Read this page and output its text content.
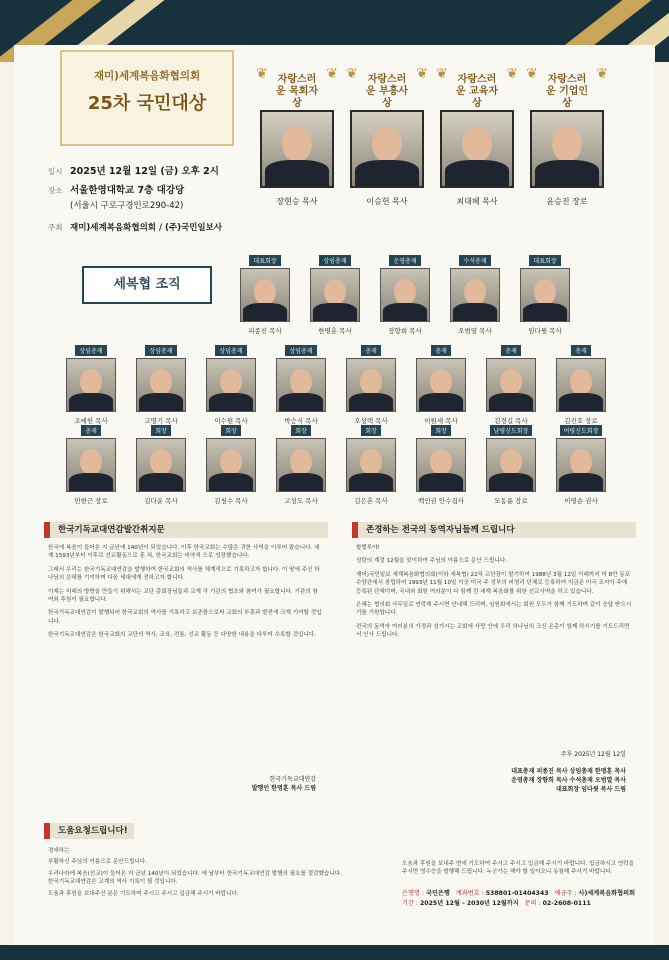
재미)세계복음화협의회
25차 국민대상
일시 2025년 12월 12일 (금) 오후 2시
장소 서울한영대학교 7층 대강당
(서울시 구로구경인로290-42)
주최 재미)세계복음화협의회 / (주)국민일보사
❦ 자랑스러운 목회자상
❦
장현승 목사
❦ 자랑스러운 부흥사상
❦
이승헌 목사
❦ 자랑스러운 교육자상
❦
최대혜 목사
❦ 자랑스러운 기업인상
❦
윤승진 장로
세복협 조직
대표회장
피종진 목사
상임총재
한명훈 목사
운영총재
장향희 목사
수석총재
오범열 목사
대표회장
임다윗 목사
상임총재
조에헌 목사
상임총재
고명기 목사
상임총재
이수원 목사
상임총재
박승식 목사
총재
오성택 목사
총재
이원세 목사
총재
김경길 목사
총재
김진호 장로
총재
민현근 장로
회장
김다운 목사
회장
김청수 목사
회장
고성도 목사
회장
김은혼 목사
회장
백인권 안수집사
남평신도회장
모동륜 장로
여평신도회장
이영순 권사
한국기독교대연감발간취지문

한국에 복음이 들어온 지 금년에 140년이 되었습니다. 이후 한국교회는 수많은 귀한 사역을 이루어 왔습니다. 세계 1593년부터 이후로 선교활동으로 훈 쳐, 한국교회는 비약적 으로 성장했습니다.

그래서 우리는 한국기독교대연감을 발행하여 한국교회의 역사를 체계적으로 기록하고자 합니다. 이 땅에 주신 하나님의 은혜를 기억하며 다음 세대에게 전하고자 합니다.

이제는 미래의 방향을 만들기 위해서는 교단 총회장님들과 교계 각 기관의 협조와 참여가 필요합니다. 기관의 참여와 후원이 필요합니다.

한국기독교대연감이 발행되어 한국교회의 역사를 기록하고 보존함으로써 교회의 부흥과 발전에 크게 기여할 것입니다.

한국기독교대연감은 한국교회의 교단의 역사, 교육, 전통, 선교 활동 등 다양한 내용을 다루어 수록할 것입니다.

한국기독교대연감
발행인 한명훈 목사 드림
존경하는 전국의 동역자님들께 드립니다

할렐루야!

성탄의 계절 12월을 맞이하여 주님의 이름으로 문안 드립니다.

재미)국민일보 세계복음화협의회(이하 세복협) 22차 교단장이 발기하여 1988년 3월 12일 이래까지 미 8만 동포 수양관에서 창립하여 1993년 11월 10일 이곳 미국 주 정부의 비영리 단체로 등록하여 지금은 미국 조지아 주에 등록된 단체이며, 국내외 회원 여러분이 다 함께 전 세계 복음화를 위한 선교사역을 하고 있습니다.

은혜는 협의회 사무실로 연락해 주시면 안내해 드리며, 임원회에서는 회원 모두가 함께 기도하며 같이 응답 받으시기를 기원합니다.

전국의 동역자 여러분의 가정과 섬기시는 교회에 사랑 안에 우리 하나님의 크신 은총이 함께 하시기를 기도드리면서 인사 드립니다.

주후 2025년 12월 12일
대표총재 피종진 목사 상임총재 한명훈 목사
운영총재 장향희 목사 수석총재 오범열 목사
대표회장 임다윗 목사 드림
도움요청드립니다!

경애하는

부활하신 주님의 이름으로 문안드립니다.

우리나라에 복음(선교)이 들어온 지 금년 140년이 되었습니다. 에 날부터 한국기독교대연감 발행의 필요를 절감했습니다. 한국기독교대연감은 교계의 역사 기록이 될 것입니다.

도움과 후원을 보내주신 분은 기도하며 주시고 주시고 입금해 주시기 바랍니다.

도움과 후원을 보내주 변에 기도하여 주시고 주시고 입금해 주시기 바랍니다. 입금하시고 연락을 주시면 영수증을 발행해 드립니다. 누군가는 해야 할 일이오니 동참해 주시기 바랍니다.
은행명 : 국민은행 계좌번호 : 538801-01404343 예금주 : 사)세계복음화협의회
기간 : 2025년 12월 - 2030년 12월까지 문의 : 02-2608-0111
